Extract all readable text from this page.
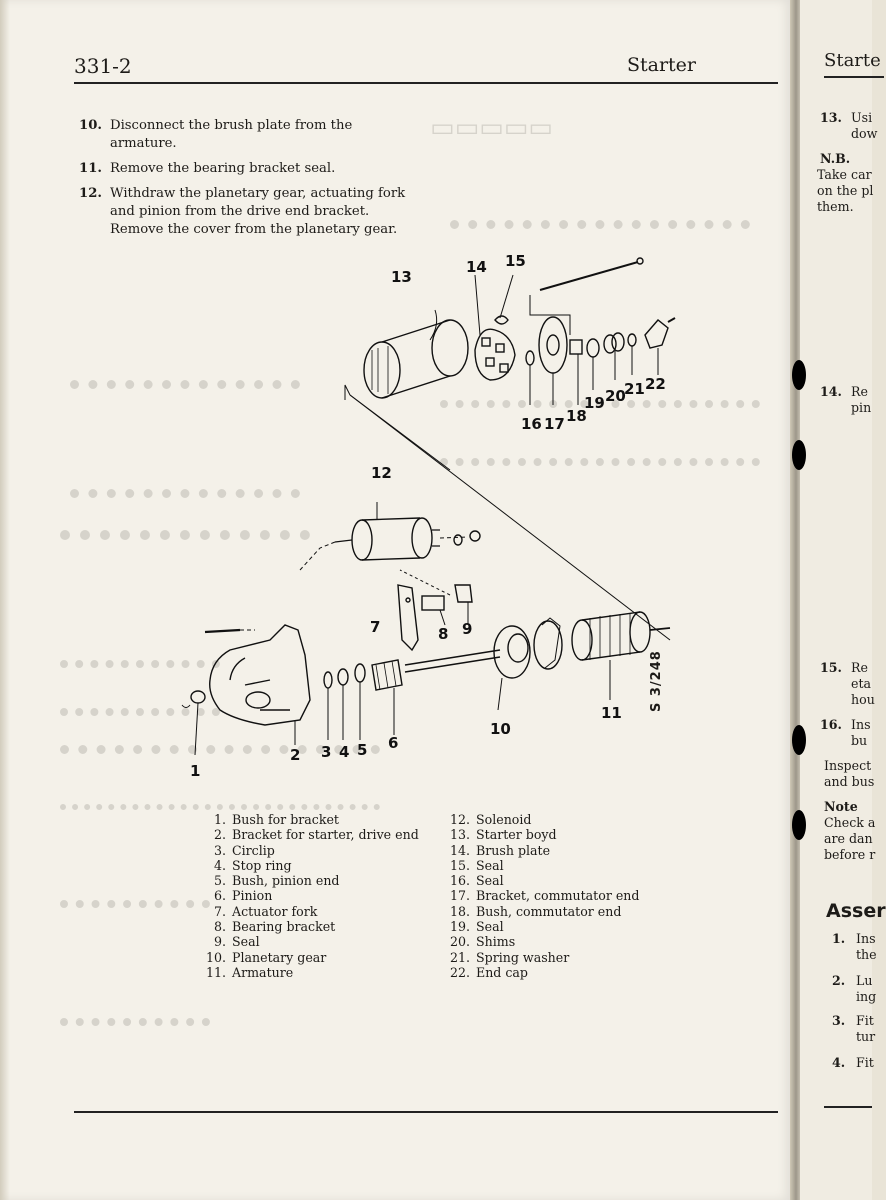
331-2	Starter
10. Disconnect the brush plate from the armature.
11. Remove the bearing bracket seal.
12. Withdraw the planetary gear, actuating fork and pinion from the drive end bracket. Remove the cover from the planetary gear.
▭▭▭▭▭
13
14 15
16 17 18
19 20
21 22
12
7	8 9
10
11
1
2 3 4 5 6
S 3/248
1. Bush for bracket
2. Bracket for starter, drive end
3. Circlip
4. Stop ring
5. Bush, pinion end
6. Pinion
7. Actuator fork
8. Bearing bracket
9. Seal
10. Planetary gear
11. Armature
12. Solenoid
13. Starter boyd
14. Brush plate
15. Seal
16. Seal
17. Bracket, commutator end
18. Bush, commutator end
19. Seal
20. Shims
21. Spring washer
22. End cap
Starte
13. Usi
dow
N.B.
Take car
on the pl
them.
14. Re
pin
15. Re
eta
hou
16. Ins
bu
Inspect
and bus
Note
Check a
are dan
before r
Asser
1. Ins
the
2. Lu
ing
3. Fit
tur
4. Fit
